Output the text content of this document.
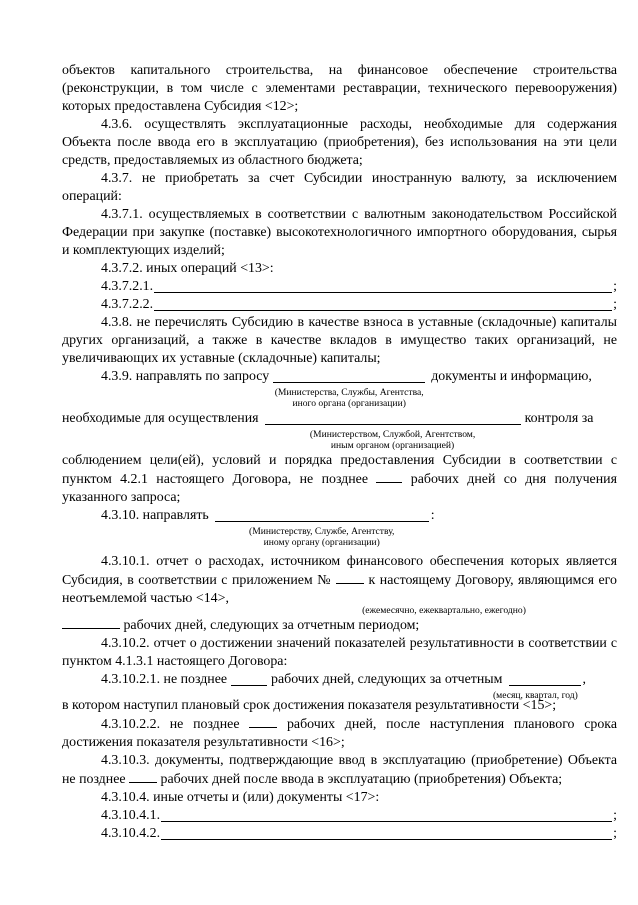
объектов капитального строительства, на финансовое обеспечение строительства (реконструкции, в том числе с элементами реставрации, технического перевооружения) которых предоставлена Субсидия <12>;

4.3.6. осуществлять эксплуатационные расходы, необходимые для содержания Объекта после ввода его в эксплуатацию (приобретения), без использования на эти цели средств, предоставляемых из областного бюджета;

4.3.7. не приобретать за счет Субсидии иностранную валюту, за исключением операций:

4.3.7.1. осуществляемых в соответствии с валютным законодательством Российской Федерации при закупке (поставке) высокотехнологичного импортного оборудования, сырья и комплектующих изделий;

4.3.7.2. иных операций <13>:

4.3.7.2.1.	;
4.3.7.2.2.	;

4.3.8. не перечислять Субсидию в качестве взноса в уставные (складочные) капиталы других организаций, а также в качестве вкладов в имущество таких организаций, не увеличивающих их уставные (складочные) капиталы;

4.3.9. направлять по запросу
(Министерства, Службы, Агентства,
иного органа (организации)
документы и информацию,
необходимые для осуществления
(Министерством, Службой, Агентством,
иным органом (организацией)
контроля за

соблюдением цели(ей), условий и порядка предоставления Субсидии в соответствии с пунктом 4.2.1 настоящего Договора, не позднее	рабочих дней со дня получения указанного запроса;

4.3.10. направлять
(Министерству, Службе, Агентству,
иному органу (организации)
:

4.3.10.1. отчет о расходах, источником финансового обеспечения которых является Субсидия, в соответствии с приложением №	к настоящему Договору, являющимся его неотъемлемой частью <14>,

(ежемесячно, ежеквартально, ежегодно)

рабочих дней, следующих за отчетным периодом;

4.3.10.2. отчет о достижении значений показателей результативности в соответствии с пунктом 4.1.3.1 настоящего Договора:

4.3.10.2.1. не позднее	рабочих дней, следующих за отчетным
(месяц, квартал, год)
,

в котором наступил плановый срок достижения показателя результативности <15>;

4.3.10.2.2. не позднее	рабочих дней, после наступления планового срока достижения показателя результативности <16>;

4.3.10.3. документы, подтверждающие ввод в эксплуатацию (приобретение) Объекта не позднее	рабочих дней после ввода в эксплуатацию (приобретения) Объекта;

4.3.10.4. иные отчеты и (или) документы <17>:

4.3.10.4.1.	;
4.3.10.4.2.	;
